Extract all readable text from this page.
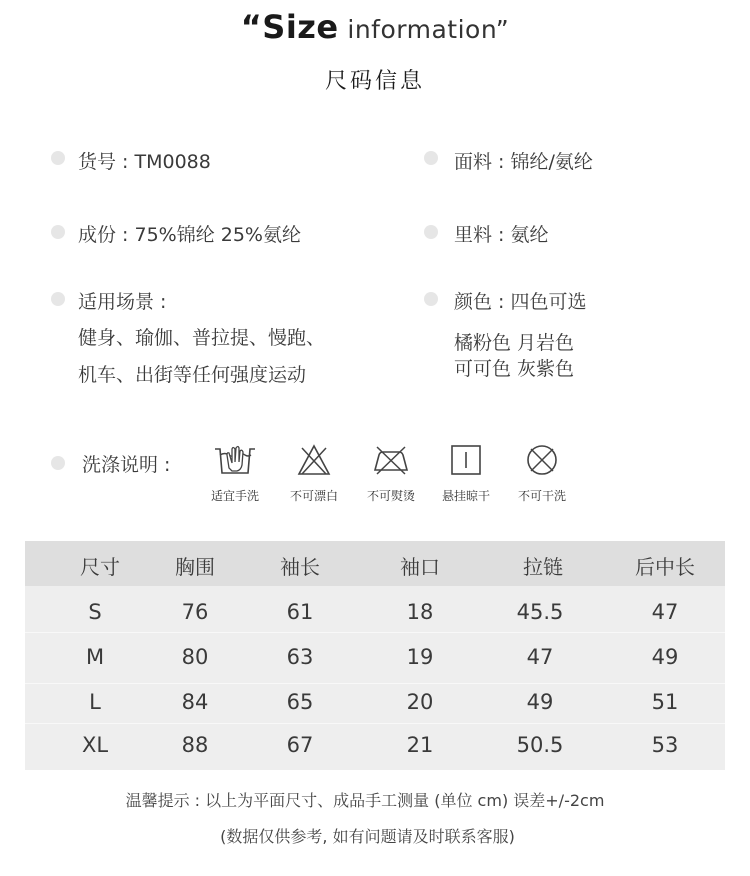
“Size information”
尺码信息
货号 : TM0088	面料 : 锦纶/氨纶
成份 : 75%锦纶 25%氨纶	里料 : 氨纶
适用场景 :
健身、瑜伽、普拉提、慢跑、
机车、出街等任何强度运动
颜色 : 四色可选
橘粉色 月岩色
可可色 灰紫色
洗涤说明 :
适宜手洗	不可漂白	不可熨烫	悬挂晾干	不可干洗
尺寸	胸围	袖长	袖口	拉链	后中长
S	76	61	18	45.5	47
M	80	63	19	47	49
L	84	65	20	49	51
XL	88	67	21	50.5	53
温馨提示 : 以上为平面尺寸、成品手工测量 (单位 cm) 误差+/-2cm
(数据仅供参考, 如有问题请及时联系客服)
